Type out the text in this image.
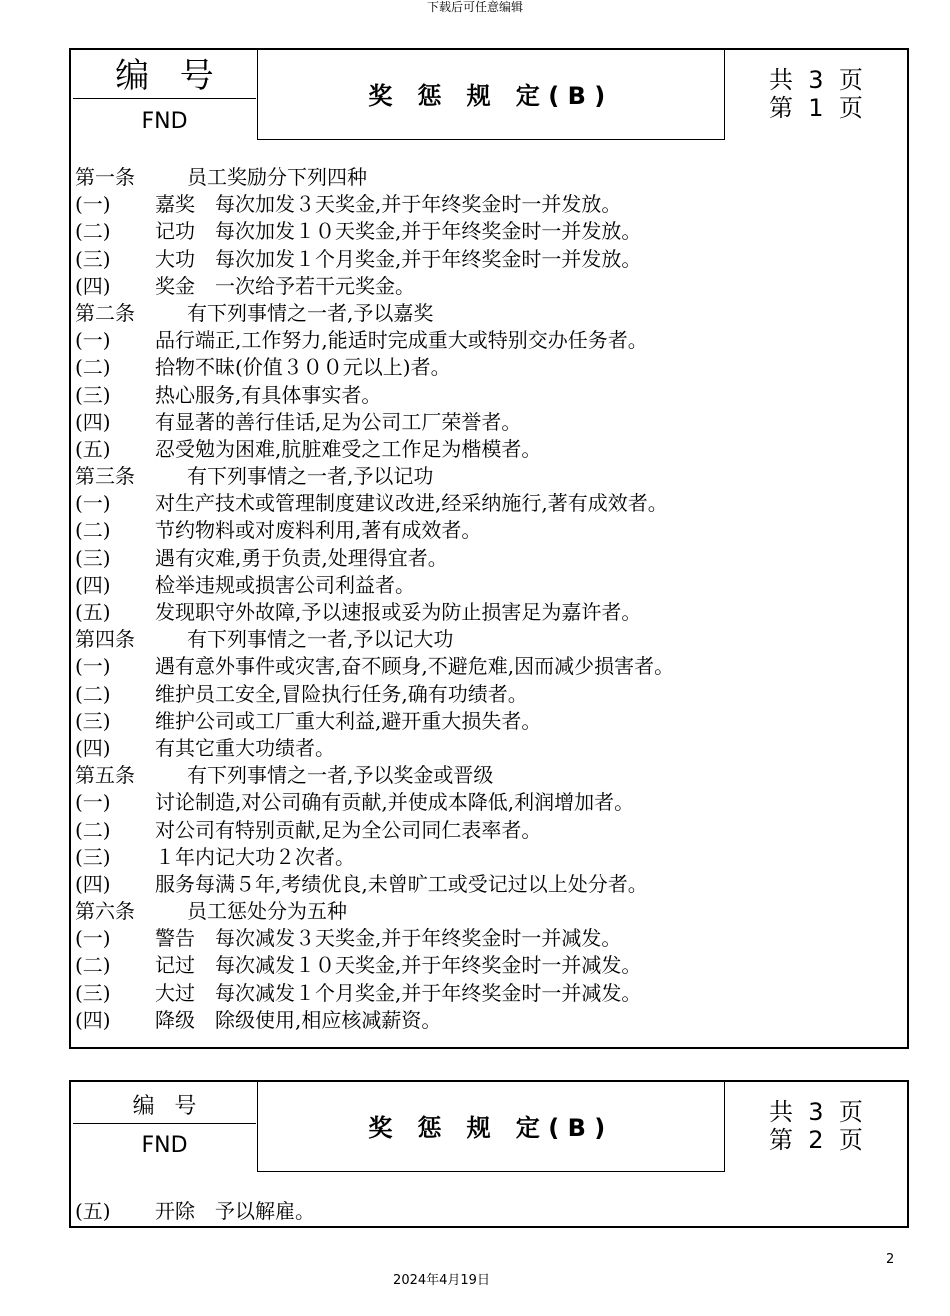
下载后可任意编辑
编号
FND
奖 惩 规 定(B)
共 3 页
第 1 页
第一条	员工奖励分下列四种
(一) 嘉奖　每次加发３天奖金,并于年终奖金时一并发放。
(二) 记功　每次加发１０天奖金,并于年终奖金时一并发放。
(三) 大功　每次加发１个月奖金,并于年终奖金时一并发放。
(四) 奖金　一次给予若干元奖金。
第二条	有下列事情之一者,予以嘉奖
(一) 品行端正,工作努力,能适时完成重大或特别交办任务者。
(二) 拾物不昧(价值３００元以上)者。
(三) 热心服务,有具体事实者。
(四) 有显著的善行佳话,足为公司工厂荣誉者。
(五) 忍受勉为困难,肮脏难受之工作足为楷模者。
第三条	有下列事情之一者,予以记功
(一) 对生产技术或管理制度建议改进,经采纳施行,著有成效者。
(二) 节约物料或对废料利用,著有成效者。
(三) 遇有灾难,勇于负责,处理得宜者。
(四) 检举违规或损害公司利益者。
(五) 发现职守外故障,予以速报或妥为防止损害足为嘉许者。
第四条	有下列事情之一者,予以记大功
(一) 遇有意外事件或灾害,奋不顾身,不避危难,因而减少损害者。
(二) 维护员工安全,冒险执行任务,确有功绩者。
(三) 维护公司或工厂重大利益,避开重大损失者。
(四) 有其它重大功绩者。
第五条	有下列事情之一者,予以奖金或晋级
(一) 讨论制造,对公司确有贡献,并使成本降低,利润增加者。
(二) 对公司有特别贡献,足为全公司同仁表率者。
(三) １年内记大功２次者。
(四) 服务每满５年,考绩优良,未曾旷工或受记过以上处分者。
第六条	员工惩处分为五种
(一) 警告　每次减发３天奖金,并于年终奖金时一并减发。
(二) 记过　每次减发１０天奖金,并于年终奖金时一并减发。
(三) 大过　每次减发１个月奖金,并于年终奖金时一并减发。
(四) 降级　除级使用,相应核减薪资。
编号
FND
奖 惩 规 定(B)
共 3 页
第 2 页
(五) 开除　予以解雇。
2
2024年4月19日
